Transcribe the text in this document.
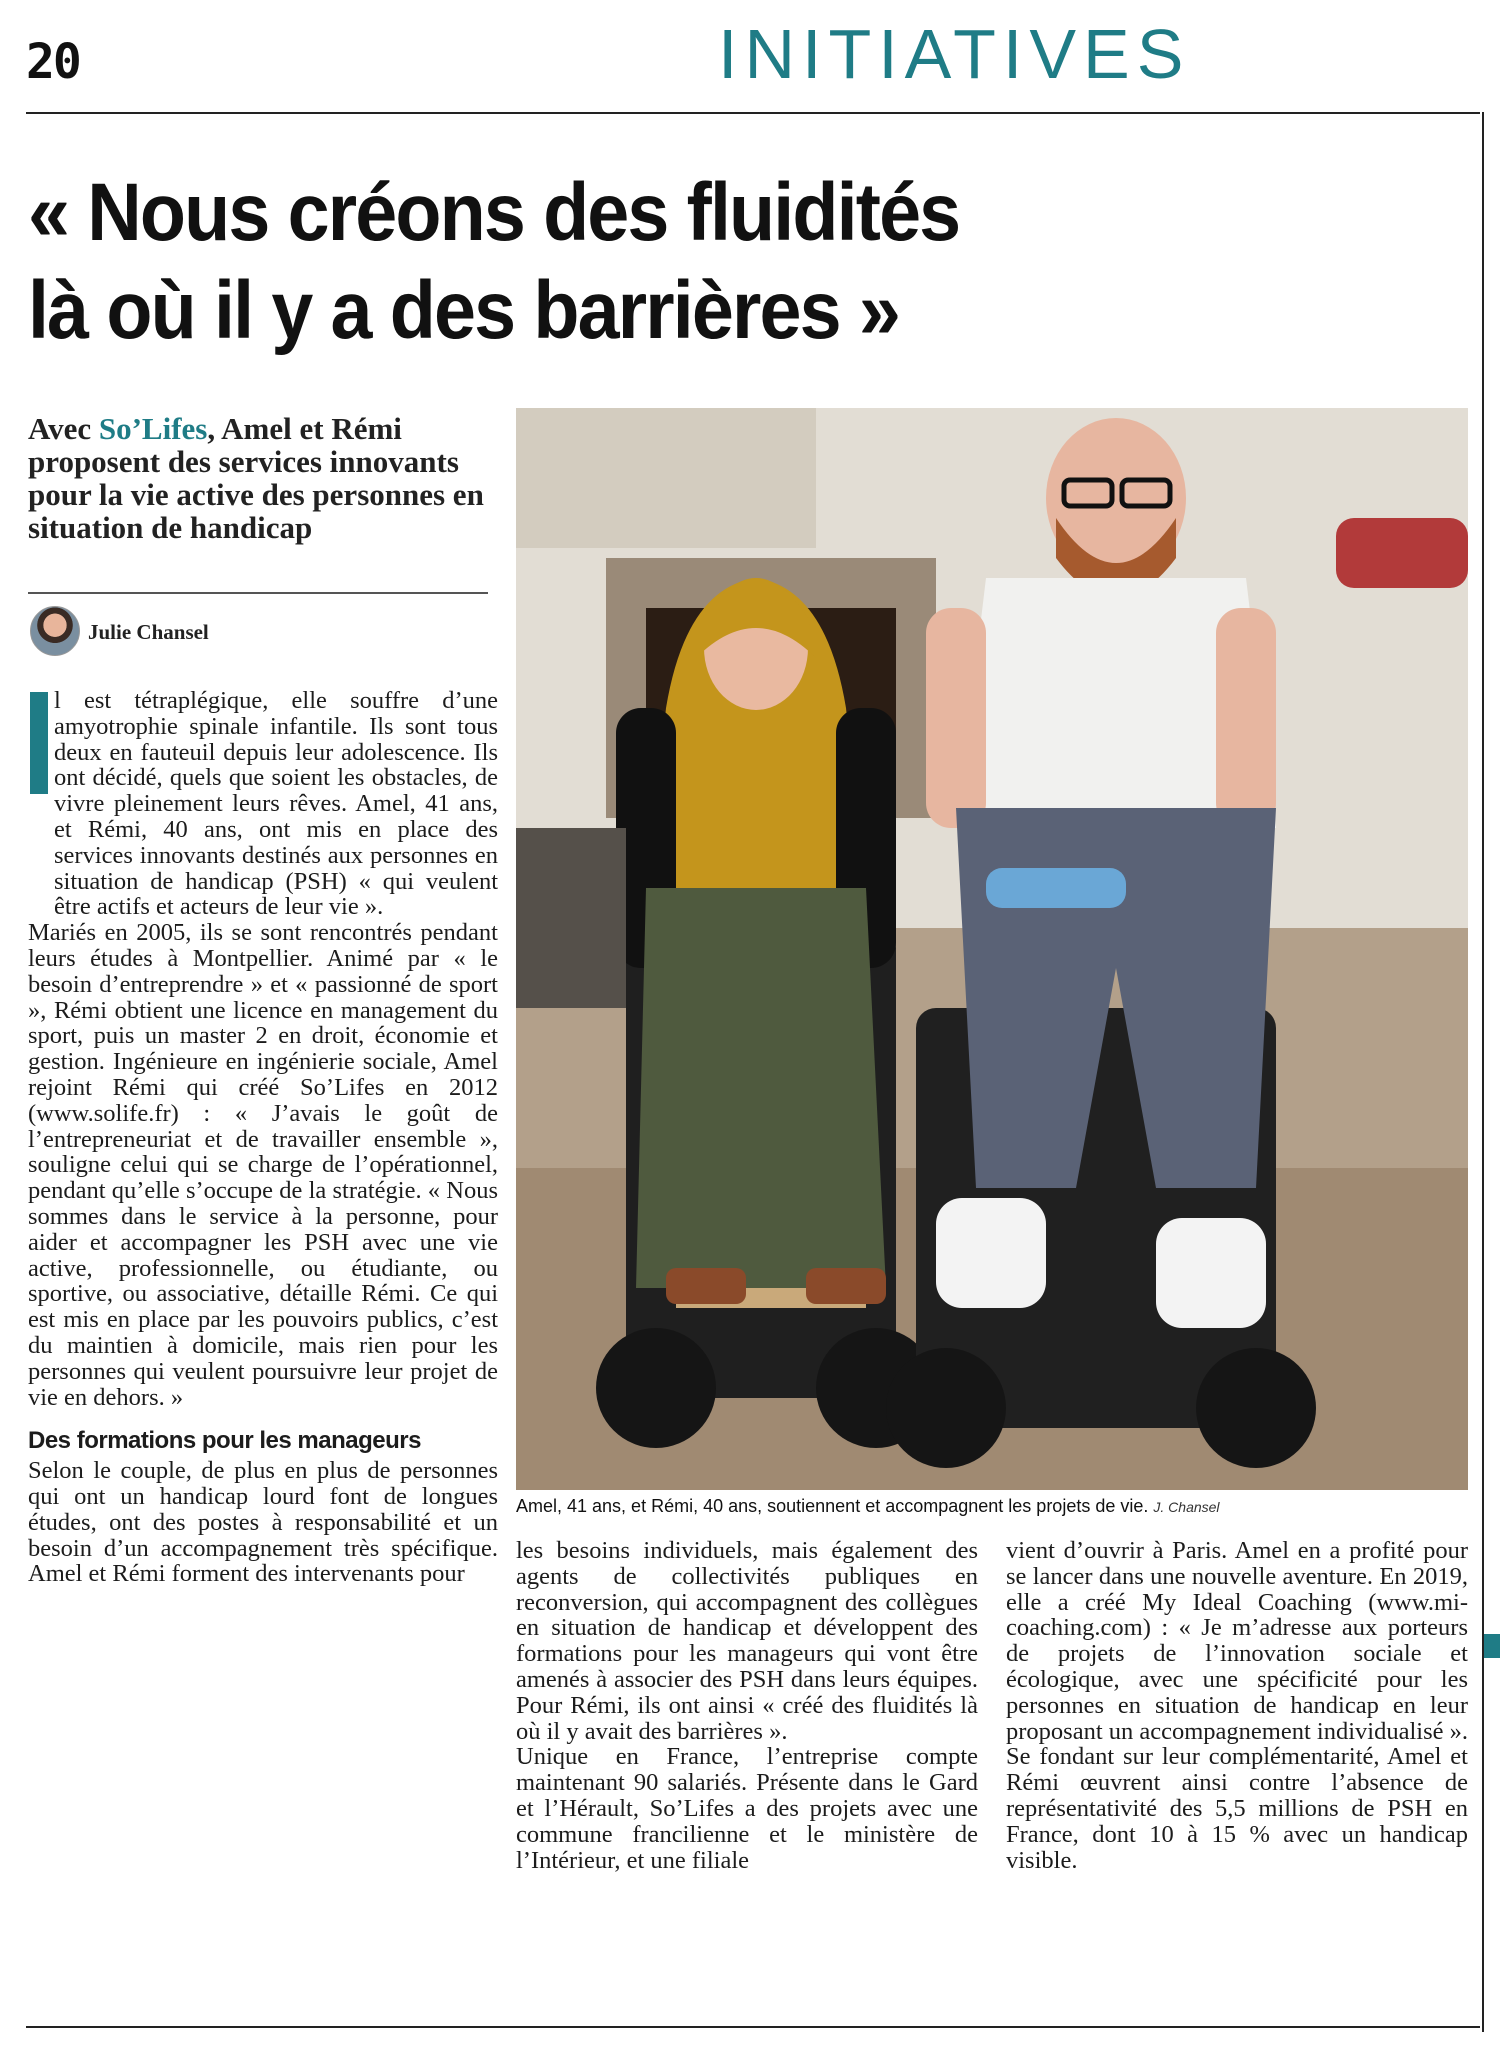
20	INITIATIVES
« Nous créons des fluidités
là où il y a des barrières »
Avec So’Lifes, Amel et Rémi proposent des services innovants pour la vie active des personnes en situation de handicap
Julie Chansel

l est tétraplégique, elle souffre d’une amyotrophie spinale infantile. Ils sont tous deux en fauteuil depuis leur adolescence. Ils ont décidé, quels que soient les obstacles, de vivre pleinement leurs rêves. Amel, 41 ans, et Rémi, 40 ans, ont mis en place des services innovants destinés aux personnes en situation de handicap (PSH) « qui veulent être actifs et acteurs de leur vie ».

Mariés en 2005, ils se sont rencontrés pendant leurs études à Montpellier. Animé par « le besoin d’entreprendre » et « passionné de sport », Rémi obtient une licence en management du sport, puis un master 2 en droit, économie et gestion. Ingénieure en ingénierie sociale, Amel rejoint Rémi qui créé So’Lifes en 2012 (www.solife.fr) : « J’avais le goût de l’entrepreneuriat et de travailler ensemble », souligne celui qui se charge de l’opérationnel, pendant qu’elle s’occupe de la stratégie. « Nous sommes dans le service à la personne, pour aider et accompagner les PSH avec une vie active, professionnelle, ou étudiante, ou sportive, ou associative, détaille Rémi. Ce qui est mis en place par les pouvoirs publics, c’est du maintien à domicile, mais rien pour les personnes qui veulent poursuivre leur projet de vie en dehors. »

Des formations pour les manageurs

Selon le couple, de plus en plus de personnes qui ont un handicap lourd font de longues études, ont des postes à responsabilité et un besoin d’un accompagnement très spécifique. Amel et Rémi forment des intervenants pour

Amel, 41 ans, et Rémi, 40 ans, soutiennent et accompagnent les projets de vie. J. Chansel

les besoins individuels, mais également des agents de collectivités publiques en reconversion, qui accompagnent des collègues en situation de handicap et développent des formations pour les manageurs qui vont être amenés à associer des PSH dans leurs équipes. Pour Rémi, ils ont ainsi « créé des fluidités là où il y avait des barrières ».

Unique en France, l’entreprise compte maintenant 90 salariés. Présente dans le Gard et l’Hérault, So’Lifes a des projets avec une commune francilienne et le ministère de l’Intérieur, et une filiale

vient d’ouvrir à Paris. Amel en a profité pour se lancer dans une nouvelle aventure. En 2019, elle a créé My Ideal Coaching (www.mi-coaching.com) : « Je m’adresse aux porteurs de projets de l’innovation sociale et écologique, avec une spécificité pour les personnes en situation de handicap en leur proposant un accompagnement individualisé ».

Se fondant sur leur complémentarité, Amel et Rémi œuvrent ainsi contre l’absence de représentativité des 5,5 millions de PSH en France, dont 10 à 15 % avec un handicap visible.
